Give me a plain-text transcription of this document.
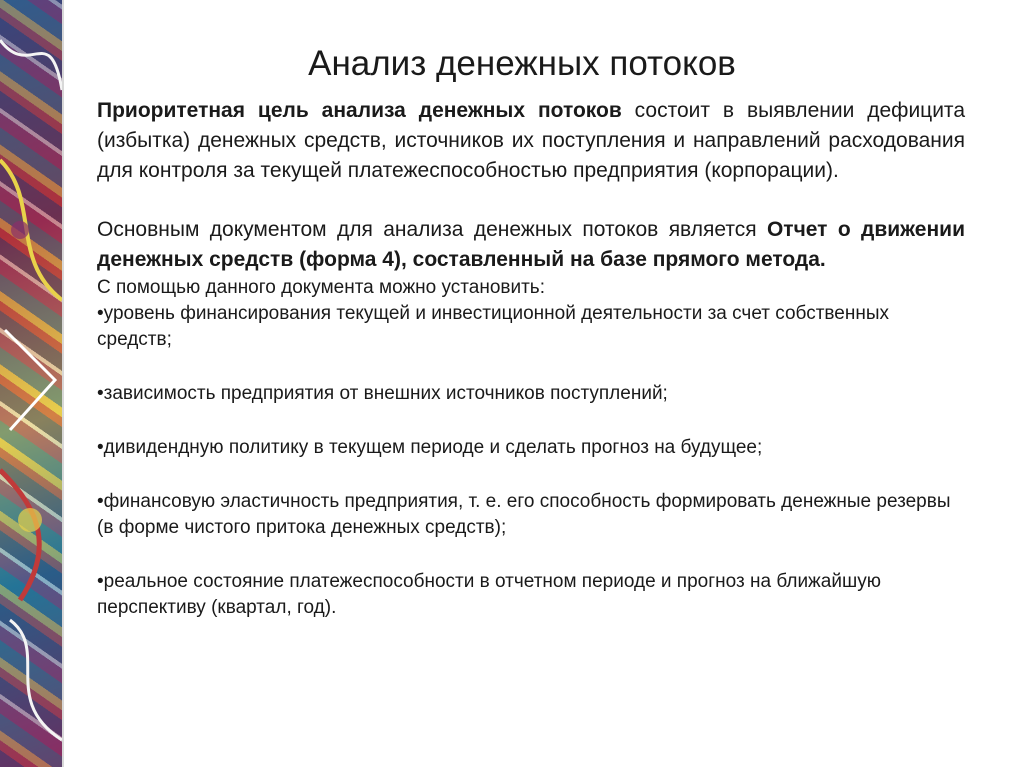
Анализ денежных потоков

Приоритетная цель анализа денежных потоков состоит в выявлении дефицита (избытка) денежных средств, источников их поступления и направлений расходования для контроля за текущей платежеспособностью предприятия (корпорации).

Основным документом для анализа денежных потоков является Отчет о движении денежных средств (форма 4), составленный на базе прямого метода.

С помощью данного документа можно установить:

•уровень финансирования текущей и инвестиционной деятельности за счет собственных средств;

•зависимость предприятия от внешних источников поступлений;

•дивидендную политику в текущем периоде и сделать прогноз на будущее;

•финансовую эластичность предприятия, т. е. его способность формировать денежные резервы (в форме чистого притока денежных средств);

•реальное состояние платежеспособности в отчетном периоде и прогноз на ближайшую перспективу (квартал, год).
